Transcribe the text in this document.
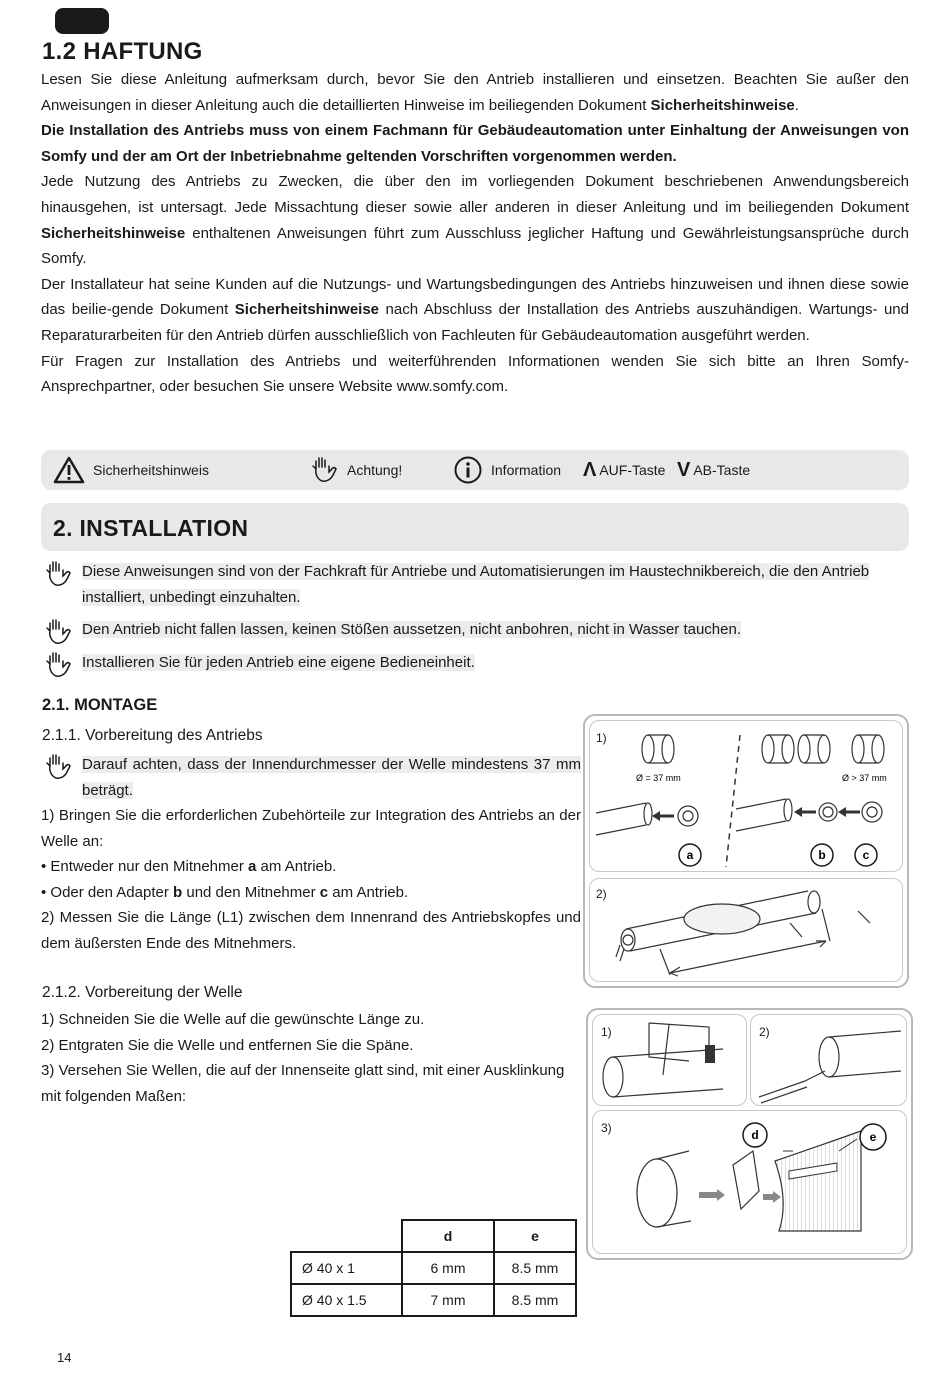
1.2 HAFTUNG

Lesen Sie diese Anleitung aufmerksam durch, bevor Sie den Antrieb installieren und einsetzen. Beachten Sie außer den Anweisungen in dieser Anleitung auch die detaillierten Hinweise im beiliegenden Dokument Sicherheitshinweise.

Die Installation des Antriebs muss von einem Fachmann für Gebäudeautomation unter Einhaltung der Anweisungen von Somfy und der am Ort der Inbetriebnahme geltenden Vorschriften vorgenommen werden.

Jede Nutzung des Antriebs zu Zwecken, die über den im vorliegenden Dokument beschriebenen Anwendungsbereich hinausgehen, ist untersagt. Jede Missachtung dieser sowie aller anderen in dieser Anleitung und im beiliegenden Dokument Sicherheitshinweise enthaltenen Anweisungen führt zum Ausschluss jeglicher Haftung und Gewährleistungsansprüche durch Somfy.

Der Installateur hat seine Kunden auf die Nutzungs- und Wartungsbedingungen des Antriebs hinzuweisen und ihnen diese sowie das beilie-gende Dokument Sicherheitshinweise nach Abschluss der Installation des Antriebs auszuhändigen. Wartungs- und Reparaturarbeiten für den Antrieb dürfen ausschließlich von Fachleuten für Gebäudeautomation ausgeführt werden.

Für Fragen zur Installation des Antriebs und weiterführenden Informationen wenden Sie sich bitte an Ihren Somfy-Ansprechpartner, oder besuchen Sie unsere Website www.somfy.com.

Sicherheitshinweis	Achtung!	Information Λ AUF-Taste V AB-Taste
2. INSTALLATION
Diese Anweisungen sind von der Fachkraft für Antriebe und Automatisierungen im Haustechnikbereich, die den Antrieb installiert, unbedingt einzuhalten.
Den Antrieb nicht fallen lassen, keinen Stößen aussetzen, nicht anbohren, nicht in Wasser tauchen.
Installieren Sie für jeden Antrieb eine eigene Bedieneinheit.
2.1. MONTAGE
2.1.1. Vorbereitung des Antriebs
Darauf achten, dass der Innendurchmesser der Welle mindestens 37 mm beträgt.

1) Bringen Sie die erforderlichen Zubehörteile zur Integration des Antriebs an der Welle an:

• Entweder nur den Mitnehmer a am Antrieb.

• Oder den Adapter b und den Mitnehmer c am Antrieb.

2) Messen Sie die Länge (L1) zwischen dem Innenrand des Antriebskopfes und dem äußersten Ende des Mitnehmers.

2.1.2. Vorbereitung der Welle

1) Schneiden Sie die Welle auf die gewünschte Länge zu.

2) Entgraten Sie die Welle und entfernen Sie die Späne.

3) Versehen Sie Wellen, die auf der Innenseite glatt sind, mit einer Ausklinkung mit folgenden Maßen:

1)
Ø = 37 mm	Ø > 37 mm
a	b	c
2)
1)	2)
3)	d	e
	d	e
Ø 40 x 1	6 mm	8.5 mm
Ø 40 x 1.5	7 mm	8.5 mm
14
